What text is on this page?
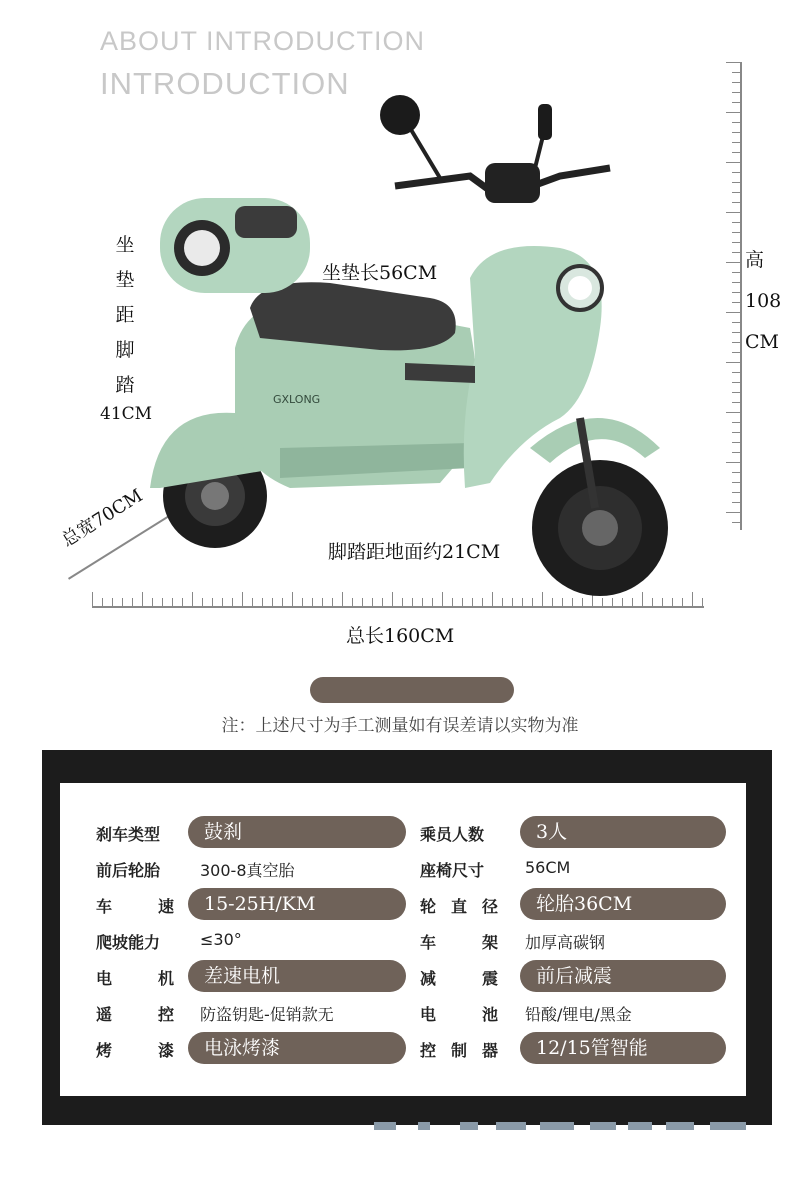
ABOUT INTRODUCTION
INTRODUCTION
GXLONG
坐
垫
距
脚
踏
41CM
高
108
CM
坐垫长56CM
脚踏距地面约21CM
总长160CM
总宽70CM
注：上述尺寸为手工测量如有误差请以实物为准
刹车类型	鼓刹	乘员人数	3人
前后轮胎	300-8真空胎	座椅尺寸	56CM
车速	15-25H/KM	轮直径	轮胎36CM
爬坡能力	≤30°	车架 加厚高碳钢
电机	差速电机	减震	前后减震
遥控 防盗钥匙-促销款无	电池 铅酸/锂电/黑金
烤漆	电泳烤漆	控制器	12/15管智能
